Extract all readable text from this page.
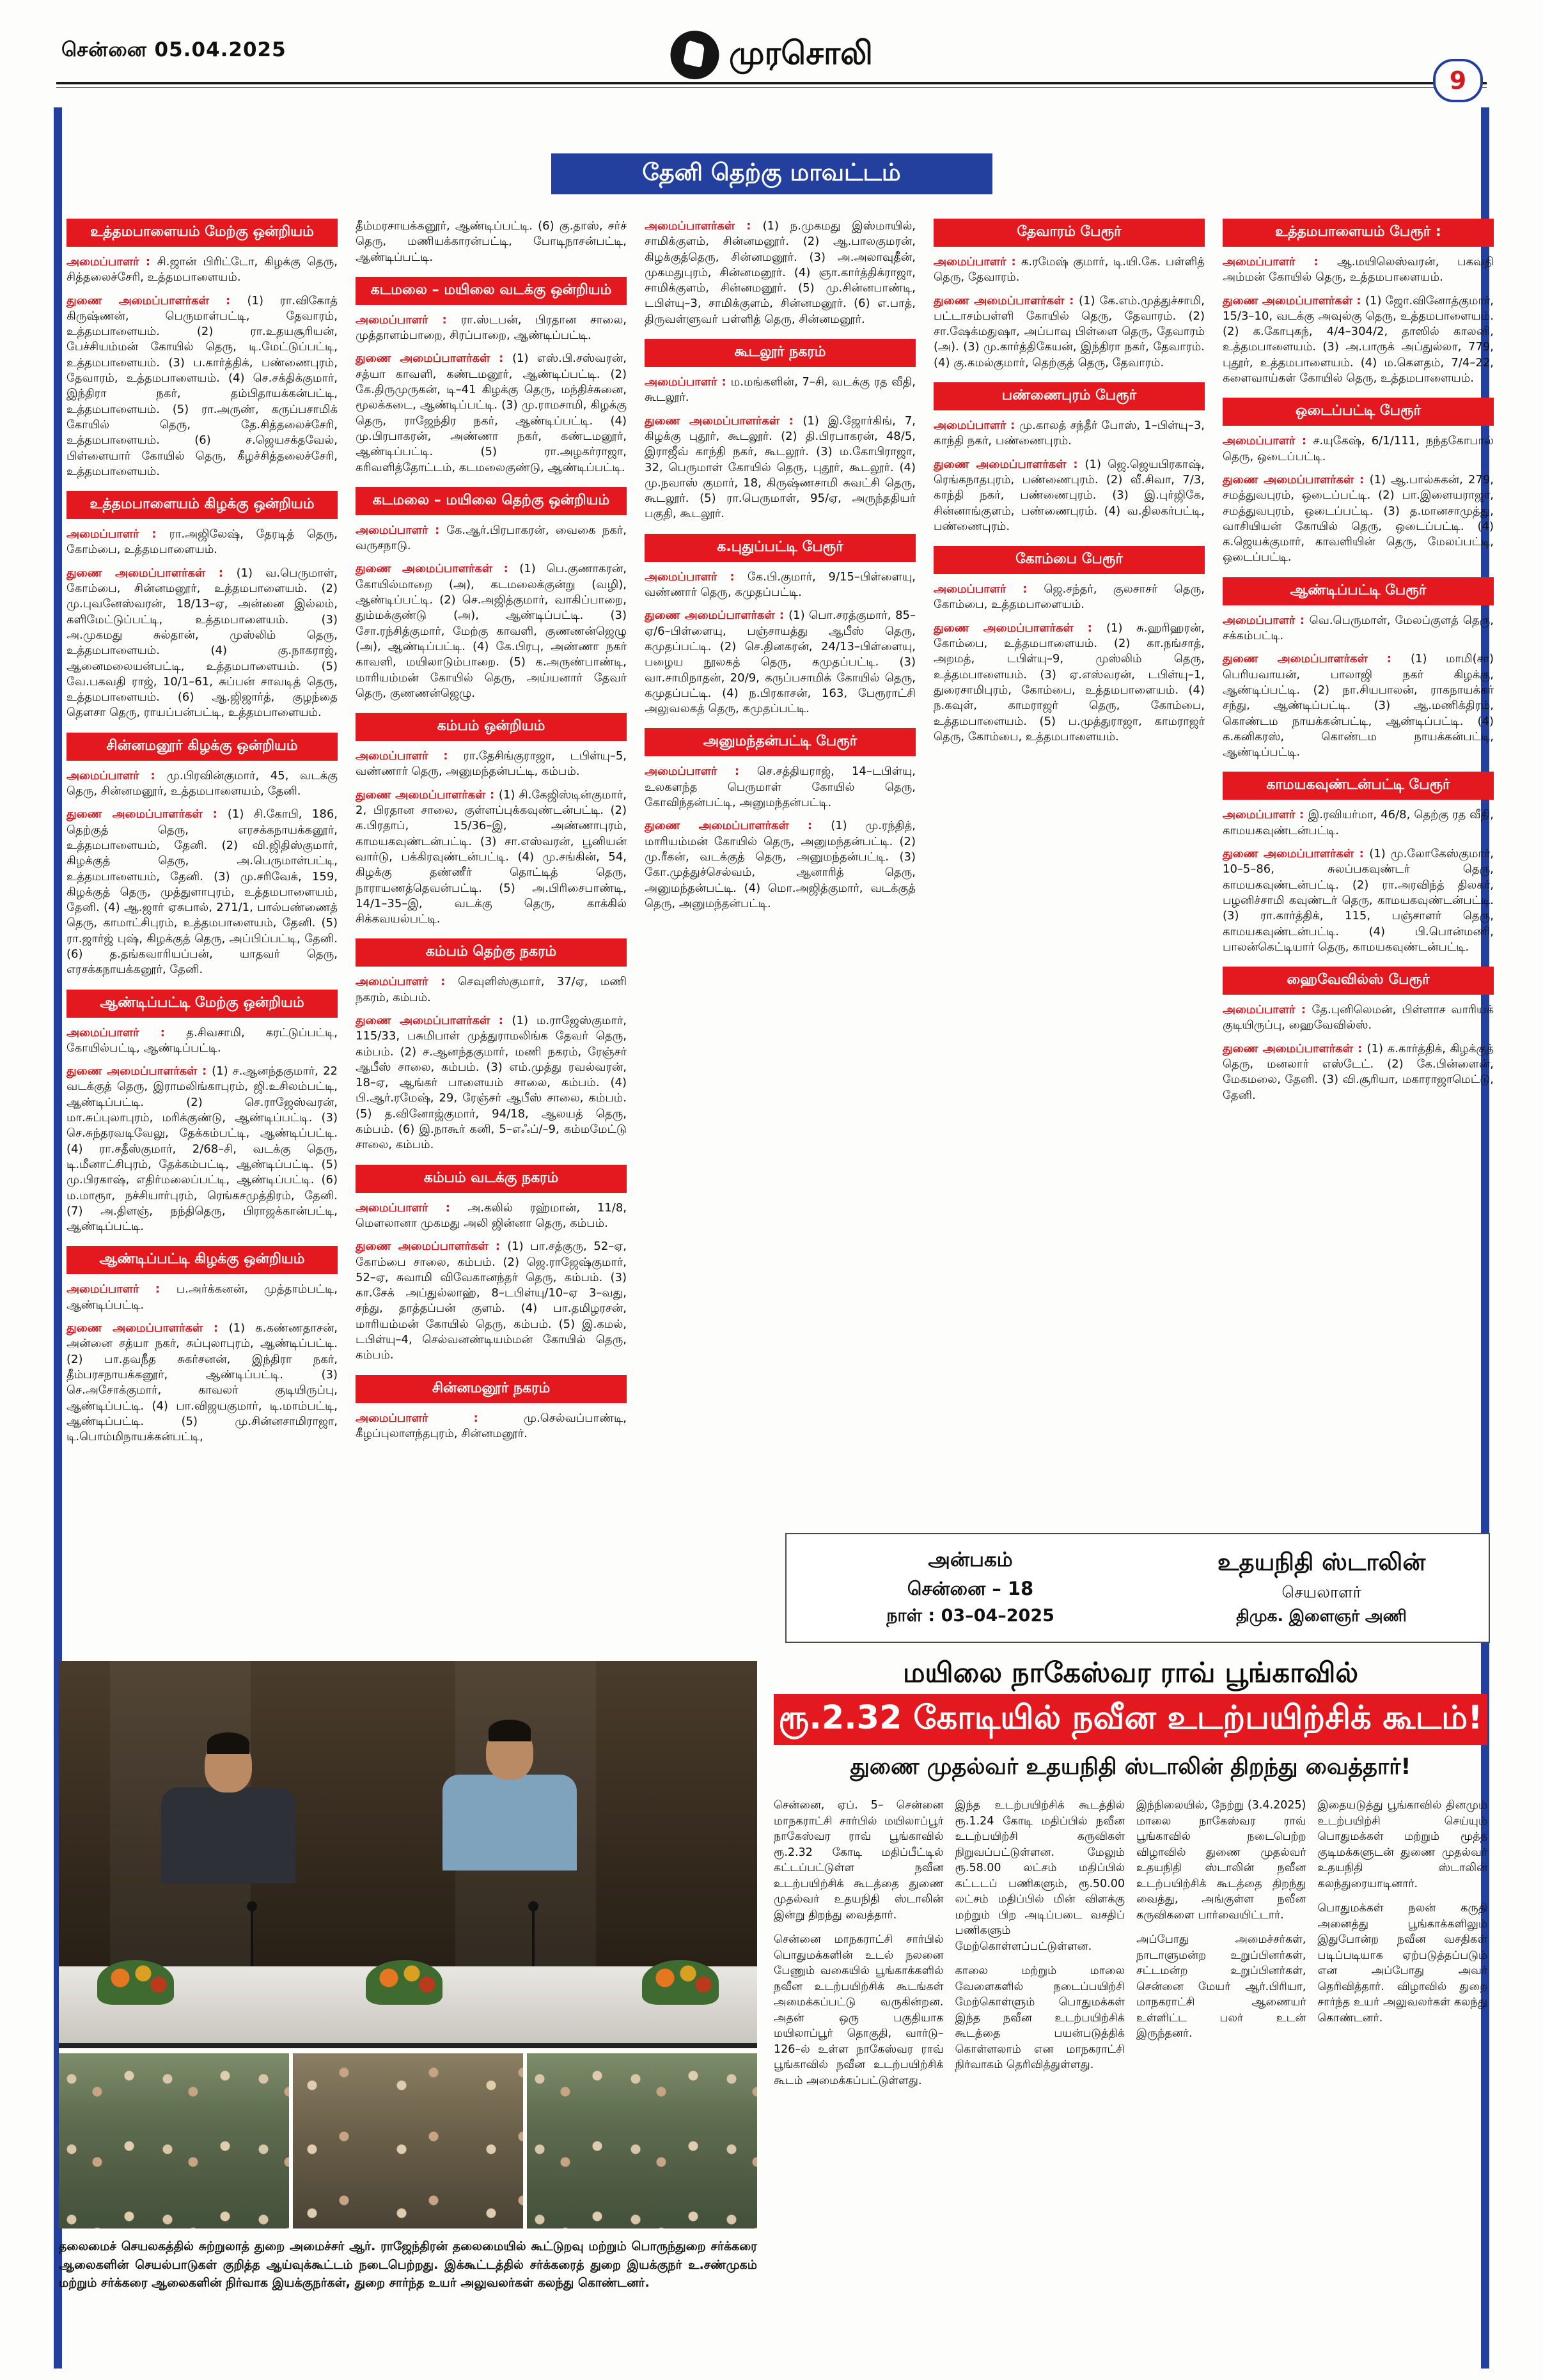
சென்னை 05.04.2025	முரசொலி
9
தேனி தெற்கு மாவட்டம்
உத்தமபாளையம் மேற்கு ஒன்றியம்

அமைப்பாளர் : சி.ஜான் பிரிட்டோ, கிழக்கு தெரு, சித்தலைச்சேரி, உத்தமபாளையம்.

துணை அமைப்பாளர்கள் : (1) ரா.விகோத் கிருஷ்ணன், பெருமாள்பட்டி, தேவாரம், உத்தமபாளையம். (2) ரா.உதயசூரியன், பேச்சியம்மன் கோயில் தெரு, டி.மேட்டுப்பட்டி, உத்தமபாளையம். (3) ப.கார்த்திக், பண்ணைபுரம், தேவாரம், உத்தமபாளையம். (4) செ.சக்திக்குமார், இந்திரா நகர், தம்பிதாயக்கன்பட்டி, உத்தமபாளையம். (5) ரா.அருண், கருப்பசாமிக் கோயில் தெரு, தே.சித்தலைச்சேரி, உத்தமபாளையம். (6) ச.ஜெயசக்தவேல், பிள்ளையார் கோயில் தெரு, கீழச்சித்தலைச்சேரி, உத்தமபாளையம்.

உத்தமபாளையம் கிழக்கு ஒன்றியம்

அமைப்பாளர் : ரா.அஜிலேஷ், தேரடித் தெரு, கோம்பை, உத்தமபாளையம்.

துணை அமைப்பாளர்கள் : (1) வ.பெருமாள், கோம்பை, சின்னமனூர், உத்தமபாளையம். (2) மு.புவனேஸ்வரன், 18/13–ஏ, அன்னை இல்லம், களிமேட்டுப்பட்டி, உத்தமபாளையம். (3) அ.முகமது சுல்தான், முஸ்லிம் தெரு, உத்தமபாளையம். (4) கு.நாகராஜ், ஆனைமலையன்பட்டி, உத்தமபாளையம். (5) வே.பகவதி ராஜ், 10/1–61, சுப்பன் சாவடித் தெரு, உத்தமபாளையம். (6) ஆ.ஜிஜார்த், குழந்தை தௌசா தெரு, ராயப்பன்பட்டி, உத்தமபாளையம்.

சின்னமனூர் கிழக்கு ஒன்றியம்

அமைப்பாளர் : மு.பிரவின்குமார், 45, வடக்கு தெரு, சின்னமனூர், உத்தமபாளையம், தேனி.

துணை அமைப்பாளர்கள் : (1) சி.கோபி, 186, தெற்குத் தெரு, எரசக்கநாயக்கனூர், உத்தமபாளையம், தேனி. (2) வி.ஜிதிஸ்குமார், கிழக்குத் தெரு, அ.பெருமாள்பட்டி, உத்தமபாளையம், தேனி. (3) மு.சரிவேக், 159, கிழக்குத் தெரு, முத்துளாபுரம், உத்தமபாளையம், தேனி. (4) ஆ.ஜார் ஏசுபால், 271/1, பால்பண்ணைத் தெரு, காமாட்சிபுரம், உத்தமபாளையம், தேனி. (5) ரா.ஜார்ஜ் புஷ், கிழக்குத் தெரு, அப்பிப்பட்டி, தேனி. (6) த.தங்கவாரியப்பன், யாதவர் தெரு, எரசக்கநாயக்கனூர், தேனி.

ஆண்டிப்பட்டி மேற்கு ஒன்றியம்

அமைப்பாளர் : த.சிவசாமி, கரட்டுப்பட்டி, கோயில்பட்டி, ஆண்டிப்பட்டி.

துணை அமைப்பாளர்கள் : (1) ச.ஆனந்தகுமார், 22 வடக்குத் தெரு, இராமலிங்காபுரம், ஜி.உசிலம்பட்டி, ஆண்டிப்பட்டி. (2) செ.ராஜேஸ்வரன், மா.சுப்புலாபுரம், மரிக்குண்டு, ஆண்டிப்பட்டி. (3) செ.சுந்தரவடிவேலு, தேக்கம்பட்டி, ஆண்டிப்பட்டி. (4) ரா.சதீஸ்குமார், 2/68–சி, வடக்கு தெரு, டி.மீனாட்சிபுரம், தேக்கம்பட்டி, ஆண்டிப்பட்டி. (5) மு.பிரகாஷ், எதிர்மலைப்பட்டி, ஆண்டிப்பட்டி. (6) ம.மாரூா, நச்சியார்புரம், ரெங்கசமுத்திரம், தேனி. (7) அ.திளஞ், நந்திதெரு, பிராஜக்கான்பட்டி, ஆண்டிப்பட்டி.

ஆண்டிப்பட்டி கிழக்கு ஒன்றியம்

அமைப்பாளர் : ப.அர்க்கனன், முத்தாம்பட்டி, ஆண்டிப்பட்டி.

துணை அமைப்பாளர்கள் : (1) க.கண்ணதாசன், அன்னை சத்யா நகர், சுப்புலாபுரம், ஆண்டிப்பட்டி. (2) பா.தவநீத சுகர்சனன், இந்திரா நகர், தீம்பரசநாயக்கனூர், ஆண்டிப்பட்டி. (3) செ.அசோக்குமார், காவலர் குடியிருப்பு, ஆண்டிப்பட்டி. (4) பா.விஜயகுமார், டி.மாம்பட்டி, ஆண்டிப்பட்டி. (5) மு.சின்னசாமிராஜா, டி.பொம்மிநாயக்கன்பட்டி,

தீம்மரசாயக்கனூர், ஆண்டிப்பட்டி. (6) கு.தாஸ், சர்ச் தெரு, மணியக்காரன்பட்டி, போடிநாசன்பட்டி, ஆண்டிப்பட்டி.

கடமலை – மயிலை வடக்கு ஒன்றியம்

அமைப்பாளர் : ரா.ஸ்டபன், பிரதான சாலை, முத்தாளம்பாறை, சிரப்பாறை, ஆண்டிப்பட்டி.

துணை அமைப்பாளர்கள் : (1) எஸ்.பி.சஸ்வரன், சத்யா காவளி, கண்டமனூர், ஆண்டிப்பட்டி. (2) கே.திருமுருகன், டி–41 கிழக்கு தெரு, மந்திச்சுனை, மூலக்கடை, ஆண்டிப்பட்டி. (3) மு.ராமசாமி, கிழக்கு தெரு, ராஜேந்திர நகர், ஆண்டிப்பட்டி. (4) மு.பிரபாகரன், அண்ணா நகர், கண்டமனூர், ஆண்டிப்பட்டி. (5) ரா.அழகர்ராஜா, கரிவளித்தோட்டம், கடமலைகுண்டு, ஆண்டிப்பட்டி.

கடமலை – மயிலை தெற்கு ஒன்றியம்

அமைப்பாளர் : கே.ஆர்.பிரபாகரன், வைகை நகர், வருசநாடு.

துணை அமைப்பாளர்கள் : (1) பெ.குணாகரன், கோயில்மாறை (அ), கடமலைக்குன்று (வழி), ஆண்டிப்பட்டி. (2) செ.அஜித்குமார், வாகிப்பாறை, தும்மக்குண்டு (அ), ஆண்டிப்பட்டி. (3) சோ.ரந்சித்குமார், மேற்கு காவளி, குணணன்ஜெழு (அ), ஆண்டிப்பட்டி. (4) கே.பிரபு, அண்ணா நகர் காவளி, மயிலாடும்பாறை. (5) க.அருண்பாண்டி, மாரியம்மன் கோயில் தெரு, அய்யனார் தேவர் தெரு, குணணன்ஜெழு.

கம்பம் ஒன்றியம்

அமைப்பாளர் : ரா.தேசிங்குராஜா, டபிள்யு–5, வண்ணார் தெரு, அனுமந்தன்பட்டி, கம்பம்.

துணை அமைப்பாளர்கள் : (1) சி.கேஜிஸ்டின்குமார், 2, பிரதான சாலை, குள்ளப்புக்கவுண்டன்பட்டி. (2) க.பிரதாப், 15/36–இ, அண்ணாபுரம், காமயகவுண்டன்பட்டி. (3) சா.எஸ்வரன், பூனியன் வார்டு, பக்கிரவுண்டன்பட்டி. (4) மு.சங்கின், 54, கிழக்கு தண்ணீர் தொட்டித் தெரு, நாராயணத்தெவன்பட்டி. (5) அ.பிரிசைபாண்டி, 14/1–35–இ, வடக்கு தெரு, காக்கில் சிக்கவயல்பட்டி.

கம்பம் தெற்கு நகரம்

அமைப்பாளர் : செவுளிஸ்குமார், 37/ஏ, மணி நகரம், கம்பம்.

துணை அமைப்பாளர்கள் : (1) ம.ராஜேஸ்குமார், 115/33, பசுமிபாள் முத்துராமலிங்க தேவர் தெரு, கம்பம். (2) ச.ஆனந்தகுமார், மணி நகரம், ரேஞ்சர் ஆபீஸ் சாலை, கம்பம். (3) எம்.முத்து ரவல்வரன், 18–ஏ, ஆங்கர் பாளையம் சாலை, கம்பம். (4) பி.ஆர்.ரமேஷ், 29, ரேஞ்சர் ஆபீஸ் சாலை, கம்பம். (5) த.வினோஜ்குமார், 94/18, ஆலயத் தெரு, கம்பம். (6) இ.நாகூர் கனி, 5–எஃப்/–9, கம்மமேட்டு சாலை, கம்பம்.

கம்பம் வடக்கு நகரம்

அமைப்பாளர் : அ.கலில் ரஹ்மான், 11/8, மௌலானா முகமது அலி ஜின்னா தெரு, கம்பம்.

துணை அமைப்பாளர்கள் : (1) பா.சத்குரு, 52–ஏ, கோம்பை சாலை, கம்பம். (2) ஜெ.ராஜேஷ்குமார், 52–ஏ, சுவாமி விவேகானந்தர் தெரு, கம்பம். (3) கா.சேக் அப்துல்லாஹ், 8–டபிள்யு/10–ஏ 3–வது, சந்து, தாத்தப்பன் குளம். (4) பா.தமிழரசன், மாரியம்மன் கோயில் தெரு, கம்பம். (5) இ.கமல், டபிள்யு–4, செல்வனண்டியம்மன் கோயில் தெரு, கம்பம்.

சின்னமனூர் நகரம்

அமைப்பாளர் : மு.செல்வப்பாண்டி, கீழப்புலாளந்தபுரம், சின்னமனூர்.

அமைப்பாளர்கள் : (1) ந.முகமது இஸ்மாயில், சாமிக்குளம், சின்னமனூர். (2) ஆ.பாலகுமரன், கிழக்குத்தெரு, சின்னமனூர். (3) அ.அலாவுதீன், முகமதுபுரம், சின்னமனூர். (4) ஞா.கார்த்திக்ராஜா, சாமிக்குளம், சின்னமனூர். (5) மு.சின்னபாண்டி, டபிள்யு–3, சாமிக்குளம், சின்னமனூர். (6) எ.பாத், திருவள்ளுவர் பள்ளித் தெரு, சின்னமனூர்.

கூடலூர் நகரம்

அமைப்பாளர் : ம.மங்களின், 7–சி, வடக்கு ரத வீதி, கூடலூர்.

துணை அமைப்பாளர்கள் : (1) இ.ஜோர்கிங், 7, கிழக்கு புதூர், கூடலூர். (2) தி.பிரபாகரன், 48/5, இராஜீவ் காந்தி நகர், கூடலூர். (3) ம.கோபிராஜா, 32, பெருமாள் கோயில் தெரு, புதூர், கூடலூர். (4) மு.நவாஸ் குமார், 18, கிருஷ்ணசாமி சுவட்சி தெரு, கூடலூர். (5) ரா.பெருமாள், 95/ஏ, அருந்ததியர் பகுதி, கூடலூர்.

க.புதுப்பட்டி பேரூர்

அமைப்பாளர் : கே.பி.குமார், 9/15–பிள்ளையு, வண்ணார் தெரு, கமுதப்பட்டி.

துணை அமைப்பாளர்கள் : (1) பொ.சரத்குமார், 85–ஏ/6–பிள்ளையு, பஞ்சாயத்து ஆபீஸ் தெரு, கமுதப்பட்டி. (2) செ.தினகரன், 24/13–பிள்ளையு, பழைய நூலகத் தெரு, கமுதப்பட்டி. (3) வா.சாமிநாதன், 20/9, கருப்பசாமிக் கோயில் தெரு, கமுதப்பட்டி. (4) ந.பிரகாசன், 163, பேரூராட்சி அலுவலகத் தெரு, கமுதப்பட்டி.

அனுமந்தன்பட்டி பேரூர்

அமைப்பாளர் : செ.சத்தியராஜ், 14–டபிள்யு, உலகளந்த பெருமாள் கோயில் தெரு, கோவிந்தன்பட்டி, அனுமந்தன்பட்டி.

துணை அமைப்பாளர்கள் : (1) மு.ரந்தித், மாரியம்மன் கோயில் தெரு, அனுமந்தன்பட்டி. (2) மு.ரீகன், வடக்குத் தெரு, அனுமந்தன்பட்டி. (3) கோ.முத்துச்செல்வம், ஆனாரித் தெரு, அனுமந்தன்பட்டி. (4) மொ.அஜித்குமார், வடக்குத் தெரு, அனுமந்தன்பட்டி.

தேவாரம் பேரூர்

அமைப்பாளர் : க.ரமேஷ் குமார், டி.யி.கே. பள்ளித் தெரு, தேவாரம்.

துணை அமைப்பாளர்கள் : (1) கே.எம்.முத்துச்சாமி, பட்டாசம்பள்ளி கோயில் தெரு, தேவாரம். (2) சா.ஷேக்மதுஷா, அப்பாவு பிள்ளை தெரு, தேவாரம் (அ). (3) மு.கார்த்திகேயன், இந்திரா நகர், தேவாரம். (4) கு.கமல்குமார், தெற்குத் தெரு, தேவாரம்.

பண்ணைபுரம் பேரூர்

அமைப்பாளர் : மு.காலத் சந்தீர் போஸ், 1–பிள்யு–3, காந்தி நகர், பண்ணைபுரம்.

துணை அமைப்பாளர்கள் : (1) ஜெ.ஜெயபிரகாஷ், ரெங்கநாதபுரம், பண்ணைபுரம். (2) வீ.சிவா, 7/3, காந்தி நகர், பண்ணைபுரம். (3) இ.புர்ஜிகே, சின்னாங்குளம், பண்ணைபுரம். (4) வ.திலகர்பட்டி, பண்ணைபுரம்.

கோம்பை பேரூர்

அமைப்பாளர் : ஜெ.சந்தர், குலசாசர் தெரு, கோம்பை, உத்தமபாளையம்.

துணை அமைப்பாளர்கள் : (1) சு.ஹரிஹரன், கோம்பை, உத்தமபாளையம். (2) கா.நங்சாத், அறமத், டபிள்யு–9, முஸ்லிம் தெரு, உத்தமபாளையம். (3) ஏ.எஸ்வரன், டபிள்யு–1, துரைசாமிபுரம், கோம்பை, உத்தமபாளையம். (4) ந.கவுள், காமராஜர் தெரு, கோம்பை, உத்தமபாளையம். (5) ப.முத்துராஜா, காமராஜர் தெரு, கோம்பை, உத்தமபாளையம்.

உத்தமபாளையம் பேரூர் :

அமைப்பாளர் : ஆ.மயிலெஸ்வரன், பகவதி அம்மன் கோயில் தெரு, உத்தமபாளையம்.

துணை அமைப்பாளர்கள் : (1) ஜோ.வினோத்குமார், 15/3–10, வடக்கு அவுல்கு தெரு, உத்தமபாளையம். (2) க.கோபுகந், 4/4–304/2, தாஸில் காலனி, உத்தமபாளையம். (3) அ.பாருக் அப்துல்லா, 779, புதூர், உத்தமபாளையம். (4) ம.கௌதம், 7/4–22, களைவாய்கள் கோயில் தெரு, உத்தமபாளையம்.

ஒடைப்பட்டி பேரூர்

அமைப்பாளர் : ச.யுகேஷ், 6/1/111, நந்தகோபால் தெரு, ஒடைப்பட்டி.

துணை அமைப்பாளர்கள் : (1) ஆ.பால்சுகன், 279, சமத்துவபுரம், ஒடைப்பட்டி. (2) பா.இளையராஜா, சமத்துவபுரம், ஒடைப்பட்டி. (3) த.மானசாமுத்து, வாசியியன் கோயில் தெரு, ஒடைப்பட்டி. (4) க.ஜெயக்குமார், காவளியின் தெரு, மேலப்பட்டி, ஒடைப்பட்டி.

ஆண்டிப்பட்டி பேரூர்

அமைப்பாளர் : வெ.பெருமாள், மேலப்குளத் தெரு, சக்கம்பட்டி.

துணை அமைப்பாளர்கள் : (1) மாமி(சா) பெரியவாயன், பாலாஜி நகர் கிழக்கு, ஆண்டிப்பட்டி. (2) நா.சியபாலன், ராகநாயக்கர் சந்து, ஆண்டிப்பட்டி. (3) ஆ.மணிக்திரம், கொண்டம நாயக்கன்பட்டி, ஆண்டிப்பட்டி. (4) க.கனிகரஸ், கொண்டம நாயக்கன்பட்டி, ஆண்டிப்பட்டி.

காமயகவுண்டன்பட்டி பேரூர்

அமைப்பாளர் : இ.ரவியர்மா, 46/8, தெற்கு ரத வீதி, காமயகவுண்டன்பட்டி.

துணை அமைப்பாளர்கள் : (1) மு.லோகேஸ்குமார், 10–5–86, சுலப்பகவுண்டர் தெரு, காமயகவுண்டன்பட்டி. (2) ரா.அரவிந்த் திலகர், பழனிச்சாமி கவுண்டர் தெரு, காமயகவுண்டன்பட்டி. (3) ரா.கார்த்திக், 115, பஞ்சாளர் தெரு, காமயகவுண்டன்பட்டி. (4) பி.பொன்மணி, பாலன்கெட்டியார் தெரு, காமயகவுண்டன்பட்டி.

ஹைவேவில்ஸ் பேரூர்

அமைப்பாளர் : தே.புனிலெமன், பிள்ளாச வாரியக் குடியிருப்பு, ஹைவேவில்ஸ்.

துணை அமைப்பாளர்கள் : (1) க.கார்த்திக், கிழக்குத் தெரு, மனலார் எஸ்டேட். (2) கே.பின்ளைன், மேகமலை, தேனி. (3) வி.சூரியா, மகாராஜாமெட்டு, தேனி.

அன்பகம்
சென்னை – 18
நாள் : 03–04–2025
உதயநிதி ஸ்டாலின்
செயலாளர்
திமுக. இளைஞர் அணி
தலைமைச் செயலகத்தில் சுற்றுலாத் துறை அமைச்சர் ஆர். ராஜேந்திரன் தலைமையில் கூட்டுறவு மற்றும் பொருந்துறை சர்க்கரை ஆலைகளின் செயல்பாடுகள் குறித்த ஆய்வுக்கூட்டம் நடைபெற்றது. இக்கூட்டத்தில் சர்க்கரைத் துறை இயக்குநர் உ.சண்முகம் மற்றும் சர்க்கரை ஆலைகளின் நிர்வாக இயக்குநர்கள், துறை சார்ந்த உயர் அலுவலர்கள் கலந்து கொண்டனர்.
மயிலை நாகேஸ்வர ராவ் பூங்காவில்
ரூ.2.32 கோடியில் நவீன உடற்பயிற்சிக் கூடம்!
துணை முதல்வர் உதயநிதி ஸ்டாலின் திறந்து வைத்தார்!

சென்னை, ஏப். 5– சென்னை மாநகராட்சி சார்பில் மயிலாப்பூர் நாகேஸ்வர ராவ் பூங்காவில் ரூ.2.32 கோடி மதிப்பீட்டில் கட்டப்பட்டுள்ள நவீன உடற்பயிற்சிக் கூடத்தை துணை முதல்வர் உதயநிதி ஸ்டாலின் இன்று திறந்து வைத்தார்.

சென்னை மாநகராட்சி சார்பில் பொதுமக்களின் உடல் நலனை பேணும் வகையில் பூங்காக்களில் நவீன உடற்பயிற்சிக் கூடங்கள் அமைக்கப்பட்டு வருகின்றன. அதன் ஒரு பகுதியாக மயிலாப்பூர் தொகுதி, வார்டு–126–ல் உள்ள நாகேஸ்வர ராவ் பூங்காவில் நவீன உடற்பயிற்சிக் கூடம் அமைக்கப்பட்டுள்ளது.

இந்த உடற்பயிற்சிக் கூடத்தில் ரூ.1.24 கோடி மதிப்பில் நவீன உடற்பயிற்சி கருவிகள் நிறுவப்பட்டுள்ளன. மேலும் ரூ.58.00 லட்சம் மதிப்பில் கட்டடப் பணிகளும், ரூ.50.00 லட்சம் மதிப்பில் மின் விளக்கு மற்றும் பிற அடிப்படை வசதிப் பணிகளும் மேற்கொள்ளப்பட்டுள்ளன.

காலை மற்றும் மாலை வேளைகளில் நடைப்பயிற்சி மேற்கொள்ளும் பொதுமக்கள் இந்த நவீன உடற்பயிற்சிக் கூடத்தை பயன்படுத்திக் கொள்ளலாம் என மாநகராட்சி நிர்வாகம் தெரிவித்துள்ளது.

இந்நிலையில், நேற்று (3.4.2025) மாலை நாகேஸ்வர ராவ் பூங்காவில் நடைபெற்ற விழாவில் துணை முதல்வர் உதயநிதி ஸ்டாலின் நவீன உடற்பயிற்சிக் கூடத்தை திறந்து வைத்து, அங்குள்ள நவீன கருவிகளை பார்வையிட்டார்.

அப்போது அமைச்சர்கள், நாடாளுமன்ற உறுப்பினர்கள், சட்டமன்ற உறுப்பினர்கள், சென்னை மேயர் ஆர்.பிரியா, மாநகராட்சி ஆணையர் உள்ளிட்ட பலர் உடன் இருந்தனர்.

இதையடுத்து பூங்காவில் தினமும் உடற்பயிற்சி செய்யும் பொதுமக்கள் மற்றும் மூத்த குடிமக்களுடன் துணை முதல்வர் உதயநிதி ஸ்டாலின் கலந்துரையாடினார்.

பொதுமக்கள் நலன் கருதி அனைத்து பூங்காக்களிலும் இதுபோன்ற நவீன வசதிகள் படிப்படியாக ஏற்படுத்தப்படும் என அப்போது அவர் தெரிவித்தார். விழாவில் துறை சார்ந்த உயர் அலுவலர்கள் கலந்து கொண்டனர்.
